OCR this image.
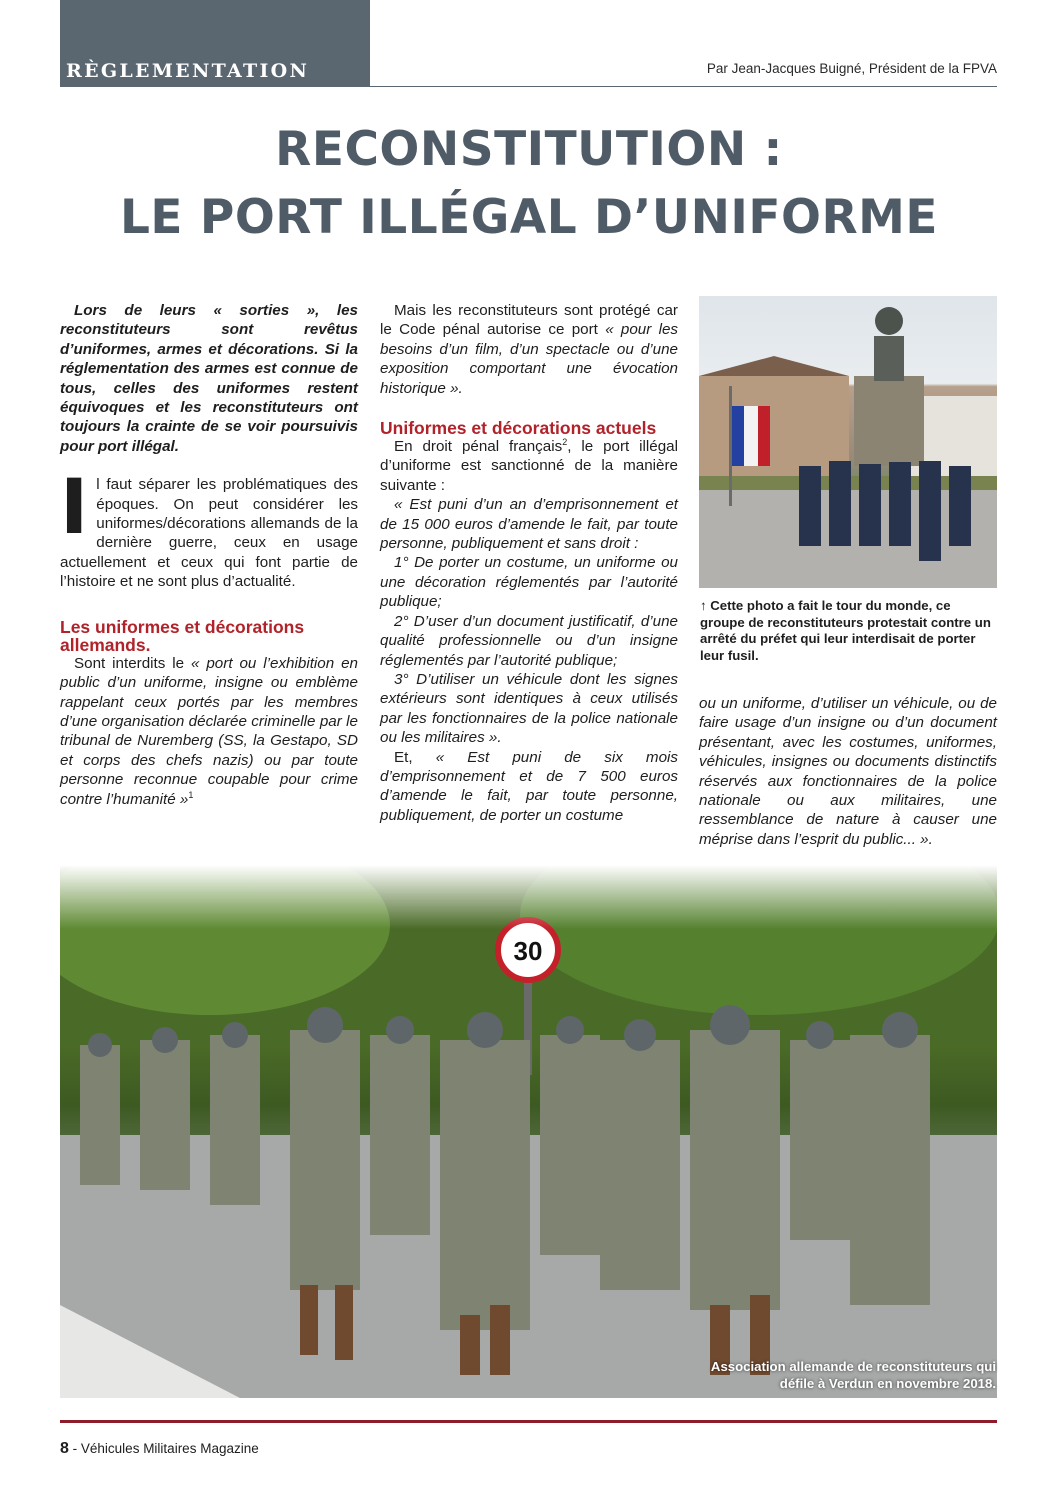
RÈGLEMENTATION	Par Jean-Jacques Buigné, Président de la FPVA
RECONSTITUTION :
LE PORT ILLÉGAL D’UNIFORME

Lors de leurs « sorties », les reconstituteurs sont revêtus d’uniformes, armes et décorations. Si la réglementation des armes est connue de tous, celles des uniformes restent équivoques et les reconstituteurs ont toujours la crainte de se voir poursuivis pour port illégal.

Il faut séparer les problématiques des époques. On peut considérer les uniformes/décorations allemands de la dernière guerre, ceux en usage actuellement et ceux qui font partie de l’histoire et ne sont plus d’actualité.

Les uniformes et décorations allemands.

Sont interdits le « port ou l’exhibition en public d’un uniforme, insigne ou emblème rappelant ceux portés par les membres d’une organisation déclarée criminelle par le tribunal de Nuremberg (SS, la Gestapo, SD et corps des chefs nazis) ou par toute personne reconnue coupable pour crime contre l’humanité »$^1$

Mais les reconstituteurs sont protégé car le Code pénal autorise ce port « pour les besoins d’un film, d’un spectacle ou d’une exposition comportant une évocation historique ».

Uniformes et décorations actuels

En droit pénal français$^2$, le port illégal d’uniforme est sanctionné de la manière suivante :

« Est puni d’un an d’emprisonnement et de 15 000 euros d’amende le fait, par toute personne, publiquement et sans droit :

1° De porter un costume, un uniforme ou une décoration réglementés par l’autorité publique;

2° D’user d’un document justificatif, d’une qualité professionnelle ou d’un insigne réglementés par l’autorité publique;

3° D’utiliser un véhicule dont les signes extérieurs sont identiques à ceux utilisés par les fonctionnaires de la police nationale ou les militaires ».

Et, « Est puni de six mois d’emprisonnement et de 7 500 euros d’amende le fait, par toute personne, publiquement, de porter un costume

↑ Cette photo a fait le tour du monde, ce groupe de reconstituteurs protestait contre un arrêté du préfet qui leur interdisait de porter leur fusil.

ou un uniforme, d’utiliser un véhicule, ou de faire usage d’un insigne ou d’un document présentant, avec les costumes, uniformes, véhicules, insignes ou documents distinctifs réservés aux fonctionnaires de la police nationale ou aux militaires, une ressemblance de nature à causer une méprise dans l’esprit du public... ».

30
Association allemande de reconstituteurs qui défile à Verdun en novembre 2018.
8 - Véhicules Militaires Magazine
